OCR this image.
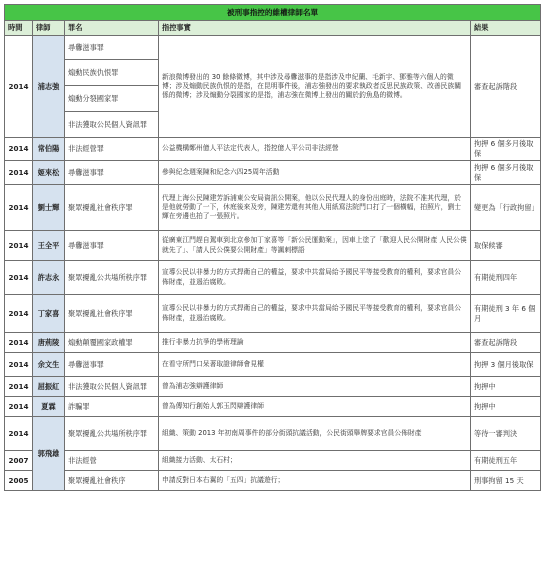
被刑事指控的維權律師名單				
時間	律師	罪名	指控事實	結果
2014	浦志強	尋釁滋事罪	新浪微博發出的 30 餘條微博，其中涉及尋釁滋事的是指涉及申紀蘭、毛新宇、鄧雅等六個人的微博；涉及煽動民族仇恨的是指，在昆明事件後，浦志強發出的要求執政者反思民族政策、改善民族關係的微博；涉及煽動分裂國家的是指，浦志強在微博上發出的關於釣魚島的微博。	審查起訴階段
		煽動民族仇恨罪		
		煽動分裂國家罪		
		非法獲取公民個人資訊罪		
2014	常伯陽	非法經營罪	公益機構鄭州億人平法定代表人，指控億人平公司非法經營	拘押 6 個多月後取保
2014	姬來松	尋釁滋事罪	參與紀念週案陳和紀念六四25周年活動	拘押 6 個多月後取保
2014	劉士輝	聚眾擾亂社會秩序罪	代理上海公民陳建芳訴浦東公安局資訊公開案，他以公民代理人的身份出庭時，法院不准其代理，於是他就勞動了一下，休庭後來及旁，陳建芳還有其他人用紙寫法院門口打了一個橫幅，拍照片，劉士輝在旁邊也拍了一張照片。	變更為「行政拘留」
2014	王全平	尋釁滋事罪	從廣東江門趕自駕車到北京參加丁家喜等「新公民運動案」，因車上塗了「歡迎人民公開財產 人民公僕就先了」、「請人民公僕要公開財產」等諷刺標語	取保候審
2014	許志永	聚眾擾亂公共場所秩序罪	宣導公民以非暴力的方式捍衛自己的權益，要求中共當局給予國民平等接受教育的權利，要求官員公佈財產，並遏治腐敗。	有期徒刑四年
2014	丁家喜	聚眾擾亂社會秩序罪	宣導公民以非暴力的方式捍衛自己的權益，要求中共當局給予國民平等接受教育的權利，要求官員公佈財產，並遏治腐敗。	有期徒刑 3 年 6 個月
2014	唐荊陵	煽動顛覆國家政權罪	推行非暴力抗爭的學術理論	審查起訴階段
2014	余文生	尋釁滋事罪	在看守所門口呆著取證律師會見權	拘押 3 個月後取保
2014	屈振紅	非法獲取公民個人資訊罪	曾為浦志強辯護律師	拘押中
2014	夏霖	詐騙罪	曾為傳知行創始人郭玉閃辯護律師	拘押中
2014	郭飛雄	聚眾擾亂公共場所秩序罪	組織、策動 2013 年初南周事件的部分街頭抗議活動，公民街頭舉牌要求官員公佈財產	等待一審判決
2007		非法經營	組織接力活動、太石村；	有期徒刑五年
2005		聚眾擾亂社會秩序	申請反對日本右翼的「五四」抗議遊行；	刑事拘留 15 天
